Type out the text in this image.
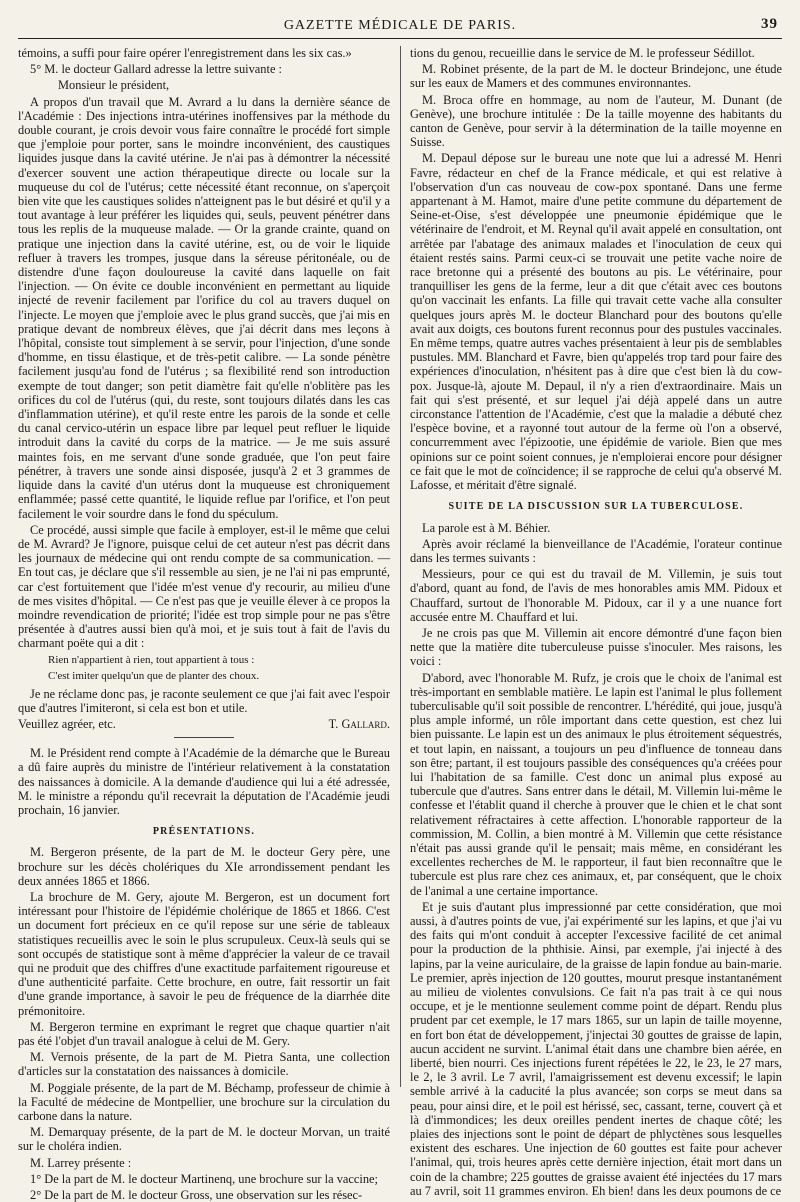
GAZETTE MÉDICALE DE PARIS.	39

témoins, a suffi pour faire opérer l'enregistrement dans les six cas.»

5° M. le docteur Gallard adresse la lettre suivante :

Monsieur le président,

A propos d'un travail que M. Avrard a lu dans la dernière séance de l'Académie : Des injections intra-utérines inoffensives par la méthode du double courant, je crois devoir vous faire connaître le procédé fort simple que j'emploie pour porter, sans le moindre inconvénient, des caustiques liquides jusque dans la cavité utérine. Je n'ai pas à démontrer la nécessité d'exercer souvent une action thérapeutique directe ou locale sur la muqueuse du col de l'utérus; cette nécessité étant reconnue, on s'aperçoit bien vite que les caustiques solides n'atteignent pas le but désiré et qu'il y a tout avantage à leur préférer les liquides qui, seuls, peuvent pénétrer dans tous les replis de la muqueuse malade. — Or la grande crainte, quand on pratique une injection dans la cavité utérine, est, ou de voir le liquide refluer à travers les trompes, jusque dans la séreuse péritonéale, ou de distendre d'une façon douloureuse la cavité dans laquelle on fait l'injection. — On évite ce double inconvénient en permettant au liquide injecté de revenir facilement par l'orifice du col au travers duquel on l'injecte. Le moyen que j'emploie avec le plus grand succès, que j'ai mis en pratique devant de nombreux élèves, que j'ai décrit dans mes leçons à l'hôpital, consiste tout simplement à se servir, pour l'injection, d'une sonde d'homme, en tissu élastique, et de très-petit calibre. — La sonde pénètre facilement jusqu'au fond de l'utérus ; sa flexibilité rend son introduction exempte de tout danger; son petit diamètre fait qu'elle n'oblitère pas les orifices du col de l'utérus (qui, du reste, sont toujours dilatés dans les cas d'inflammation utérine), et qu'il reste entre les parois de la sonde et celle du canal cervico-utérin un espace libre par lequel peut refluer le liquide introduit dans la cavité du corps de la matrice. — Je me suis assuré maintes fois, en me servant d'une sonde graduée, que l'on peut faire pénétrer, à travers une sonde ainsi disposée, jusqu'à 2 et 3 grammes de liquide dans la cavité d'un utérus dont la muqueuse est chroniquement enflammée; passé cette quantité, le liquide reflue par l'orifice, et l'on peut facilement le voir sourdre dans le fond du spéculum.

Ce procédé, aussi simple que facile à employer, est-il le même que celui de M. Avrard? Je l'ignore, puisque celui de cet auteur n'est pas décrit dans les journaux de médecine qui ont rendu compte de sa communication. — En tout cas, je déclare que s'il ressemble au sien, je ne l'ai ni pas emprunté, car c'est fortuitement que l'idée m'est venue d'y recourir, au milieu d'une de mes visites d'hôpital. — Ce n'est pas que je veuille élever à ce propos la moindre revendication de priorité; l'idée est trop simple pour ne pas s'être présentée à d'autres aussi bien qu'à moi, et je suis tout à fait de l'avis du charmant poëte qui a dit :

Rien n'appartient à rien, tout appartient à tous :

C'est imiter quelqu'un que de planter des choux.

Je ne réclame donc pas, je raconte seulement ce que j'ai fait avec l'espoir que d'autres l'imiteront, si cela est bon et utile.

Veuillez agréer, etc.	T. Gallard.

M. le Président rend compte à l'Académie de la démarche que le Bureau a dû faire auprès du ministre de l'intérieur relativement à la constatation des naissances à domicile. A la demande d'audience qui lui a été adressée, M. le ministre a répondu qu'il recevrait la députation de l'Académie jeudi prochain, 16 janvier.

PRÉSENTATIONS.

M. Bergeron présente, de la part de M. le docteur Gery père, une brochure sur les décès cholériques du XIe arrondissement pendant les deux années 1865 et 1866.

La brochure de M. Gery, ajoute M. Bergeron, est un document fort intéressant pour l'histoire de l'épidémie cholérique de 1865 et 1866. C'est un document fort précieux en ce qu'il repose sur une série de tableaux statistiques recueillis avec le soin le plus scrupuleux. Ceux-là seuls qui se sont occupés de statistique sont à même d'apprécier la valeur de ce travail qui ne produit que des chiffres d'une exactitude parfaitement rigoureuse et d'une authenticité parfaite. Cette brochure, en outre, fait ressortir un fait d'une grande importance, à savoir le peu de fréquence de la diarrhée dite prémonitoire.

M. Bergeron termine en exprimant le regret que chaque quartier n'ait pas été l'objet d'un travail analogue à celui de M. Gery.

M. Vernois présente, de la part de M. Pietra Santa, une collection d'articles sur la constatation des naissances à domicile.

M. Poggiale présente, de la part de M. Béchamp, professeur de chimie à la Faculté de médecine de Montpellier, une brochure sur la circulation du carbone dans la nature.

M. Demarquay présente, de la part de M. le docteur Morvan, un traité sur le choléra indien.

M. Larrey présente :

1° De la part de M. le docteur Martinenq, une brochure sur la vaccine;

2° De la part de M. le docteur Gross, une observation sur les résec-

tions du genou, recueillie dans le service de M. le professeur Sédillot.

M. Robinet présente, de la part de M. le docteur Brindejonc, une étude sur les eaux de Mamers et des communes environnantes.

M. Broca offre en hommage, au nom de l'auteur, M. Dunant (de Genève), une brochure intitulée : De la taille moyenne des habitants du canton de Genève, pour servir à la détermination de la taille moyenne en Suisse.

M. Depaul dépose sur le bureau une note que lui a adressé M. Henri Favre, rédacteur en chef de la France médicale, et qui est relative à l'observation d'un cas nouveau de cow-pox spontané. Dans une ferme appartenant à M. Hamot, maire d'une petite commune du département de Seine-et-Oise, s'est développée une pneumonie épidémique que le vétérinaire de l'endroit, et M. Reynal qu'il avait appelé en consultation, ont arrêtée par l'abatage des animaux malades et l'inoculation de ceux qui étaient restés sains. Parmi ceux-ci se trouvait une petite vache noire de race bretonne qui a présenté des boutons au pis. Le vétérinaire, pour tranquilliser les gens de la ferme, leur a dit que c'était avec ces boutons qu'on vaccinait les enfants. La fille qui travait cette vache alla consulter quelques jours après M. le docteur Blanchard pour des boutons qu'elle avait aux doigts, ces boutons furent reconnus pour des pustules vaccinales. En même temps, quatre autres vaches présentaient à leur pis de semblables pustules. MM. Blanchard et Favre, bien qu'appelés trop tard pour faire des expériences d'inoculation, n'hésitent pas à dire que c'est bien là du cow-pox. Jusque-là, ajoute M. Depaul, il n'y a rien d'extraordinaire. Mais un fait qui s'est présenté, et sur lequel j'ai déjà appelé dans un autre circonstance l'attention de l'Académie, c'est que la maladie a débuté chez l'espèce bovine, et a rayonné tout autour de la ferme où l'on a observé, concurremment avec l'épizootie, une épidémie de variole. Bien que mes opinions sur ce point soient connues, je n'emploierai encore pour désigner ce fait que le mot de coïncidence; il se rapproche de celui qu'a observé M. Lafosse, et méritait d'être signalé.

SUITE DE LA DISCUSSION SUR LA TUBERCULOSE.

La parole est à M. Béhier.

Après avoir réclamé la bienveillance de l'Académie, l'orateur continue dans les termes suivants :

Messieurs, pour ce qui est du travail de M. Villemin, je suis tout d'abord, quant au fond, de l'avis de mes honorables amis MM. Pidoux et Chauffard, surtout de l'honorable M. Pidoux, car il y a une nuance fort accusée entre M. Chauffard et lui.

Je ne crois pas que M. Villemin ait encore démontré d'une façon bien nette que la matière dite tuberculeuse puisse s'inoculer. Mes raisons, les voici :

D'abord, avec l'honorable M. Rufz, je crois que le choix de l'animal est très-important en semblable matière. Le lapin est l'animal le plus follement tuberculisable qu'il soit possible de rencontrer. L'hérédité, qui joue, jusqu'à plus ample informé, un rôle important dans cette question, est chez lui bien puissante. Le lapin est un des animaux le plus étroitement séquestrés, et tout lapin, en naissant, a toujours un peu d'influence de tonneau dans son être; partant, il est toujours passible des conséquences qu'a créées pour lui l'habitation de sa famille. C'est donc un animal plus exposé au tubercule que d'autres. Sans entrer dans le détail, M. Villemin lui-même le confesse et l'établit quand il cherche à prouver que le chien et le chat sont relativement réfractaires à cette affection. L'honorable rapporteur de la commission, M. Collin, a bien montré à M. Villemin que cette résistance n'était pas aussi grande qu'il le pensait; mais même, en considérant les excellentes recherches de M. le rapporteur, il faut bien reconnaître que le tubercule est plus rare chez ces animaux, et, par conséquent, que le choix de l'animal a une certaine importance.

Et je suis d'autant plus impressionné par cette considération, que moi aussi, à d'autres points de vue, j'ai expérimenté sur les lapins, et que j'ai vu des faits qui m'ont conduit à accepter l'excessive facilité de cet animal pour la production de la phthisie. Ainsi, par exemple, j'ai injecté à des lapins, par la veine auriculaire, de la graisse de lapin fondue au bain-marie. Le premier, après injection de 120 gouttes, mourut presque instantanément au milieu de violentes convulsions. Ce fait n'a pas trait à ce qui nous occupe, et je le mentionne seulement comme point de départ. Rendu plus prudent par cet exemple, le 17 mars 1865, sur un lapin de taille moyenne, en fort bon état de développement, j'injectai 30 gouttes de graisse de lapin, aucun accident ne survint. L'animal était dans une chambre bien aérée, en liberté, bien nourri. Ces injections furent répétées le 22, le 23, le 27 mars, le 2, le 3 avril. Le 7 avril, l'amaigrissement est devenu excessif; le lapin semble arrivé à la caducité la plus avancée; son corps se meut dans sa peau, pour ainsi dire, et le poil est hérissé, sec, cassant, terne, couvert çà et là d'immondices; les deux oreilles pendent inertes de chaque côté; les plaies des injections sont le point de départ de phlyctènes sous lesquelles existent des eschares. Une injection de 60 gouttes est faite pour achever l'animal, qui, trois heures après cette dernière injection, était mort dans un coin de la chambre; 225 gouttes de graisse avaient été injectées du 17 mars au 7 avril, soit 11 grammes environ. Eh bien! dans les deux poumons de ce
